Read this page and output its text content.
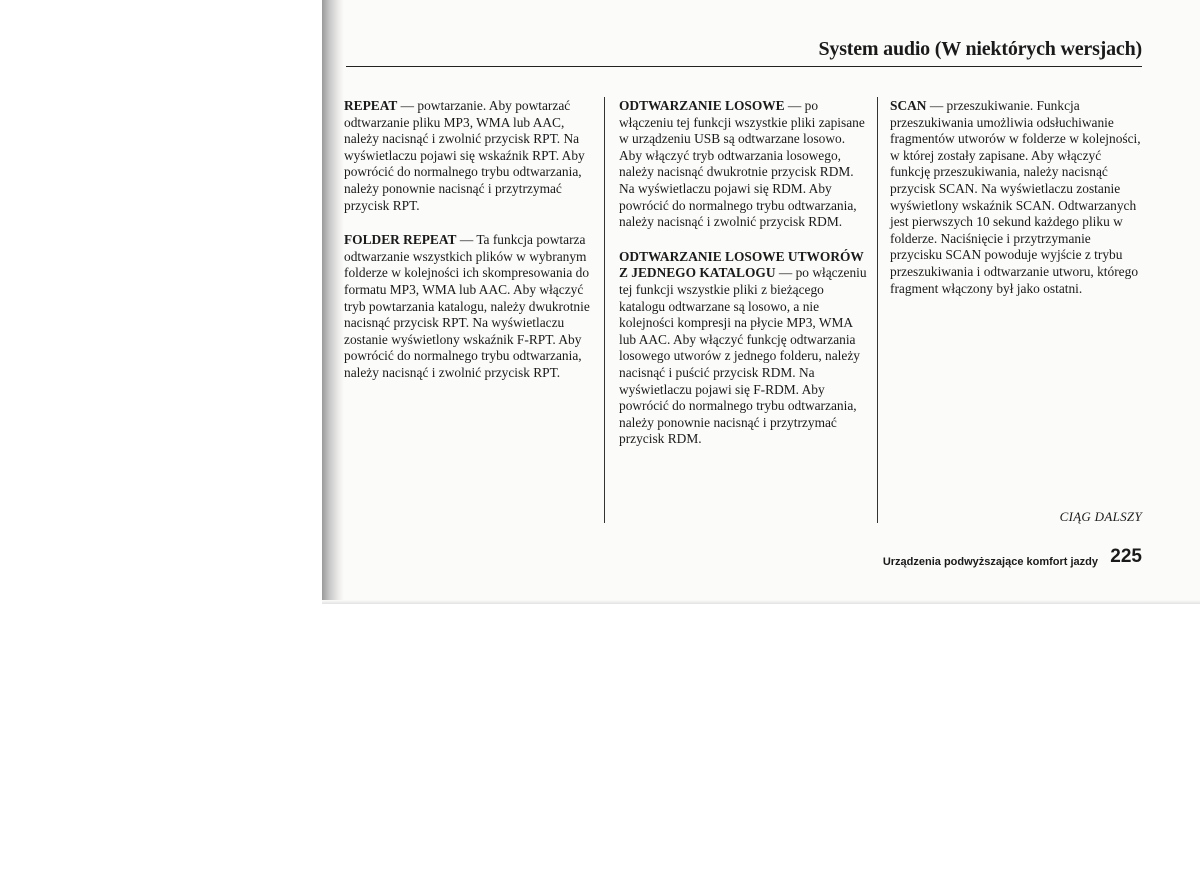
System audio (W niektórych wersjach)

REPEAT — powtarzanie. Aby powtarzać odtwarzanie pliku MP3, WMA lub AAC, należy nacisnąć i zwolnić przycisk RPT. Na wyświetlaczu pojawi się wskaźnik RPT. Aby powrócić do normalnego trybu odtwarzania, należy ponownie nacisnąć i przytrzymać przycisk RPT.

FOLDER REPEAT — Ta funkcja powtarza odtwarzanie wszystkich plików w wybranym folderze w kolejności ich skompresowania do formatu MP3, WMA lub AAC. Aby włączyć tryb powtarzania katalogu, należy dwukrotnie nacisnąć przycisk RPT. Na wyświetlaczu zostanie wyświetlony wskaźnik F-RPT. Aby powrócić do normalnego trybu odtwarzania, należy nacisnąć i zwolnić przycisk RPT.

ODTWARZANIE LOSOWE — po włączeniu tej funkcji wszystkie pliki zapisane w urządzeniu USB są odtwarzane losowo. Aby włączyć tryb odtwarzania losowego, należy nacisnąć dwukrotnie przycisk RDM. Na wyświetlaczu pojawi się RDM. Aby powrócić do normalnego trybu odtwarzania, należy nacisnąć i zwolnić przycisk RDM.

ODTWARZANIE LOSOWE UTWORÓW Z JEDNEGO KATALOGU — po włączeniu tej funkcji wszystkie pliki z bieżącego katalogu odtwarzane są losowo, a nie kolejności kompresji na płycie MP3, WMA lub AAC. Aby włączyć funkcję odtwarzania losowego utworów z jednego folderu, należy nacisnąć i puścić przycisk RDM. Na wyświetlaczu pojawi się F-RDM. Aby powrócić do normalnego trybu odtwarzania, należy ponownie nacisnąć i przytrzymać przycisk RDM.

SCAN — przeszukiwanie. Funkcja przeszukiwania umożliwia odsłuchiwanie fragmentów utworów w folderze w kolejności, w której zostały zapisane. Aby włączyć funkcję przeszukiwania, należy nacisnąć przycisk SCAN. Na wyświetlaczu zostanie wyświetlony wskaźnik SCAN. Odtwarzanych jest pierwszych 10 sekund każdego pliku w folderze. Naciśnięcie i przytrzymanie przycisku SCAN powoduje wyjście z trybu przeszukiwania i odtwarzanie utworu, którego fragment włączony był jako ostatni.

CIĄG DALSZY
Urządzenia podwyższające komfort jazdy 225
